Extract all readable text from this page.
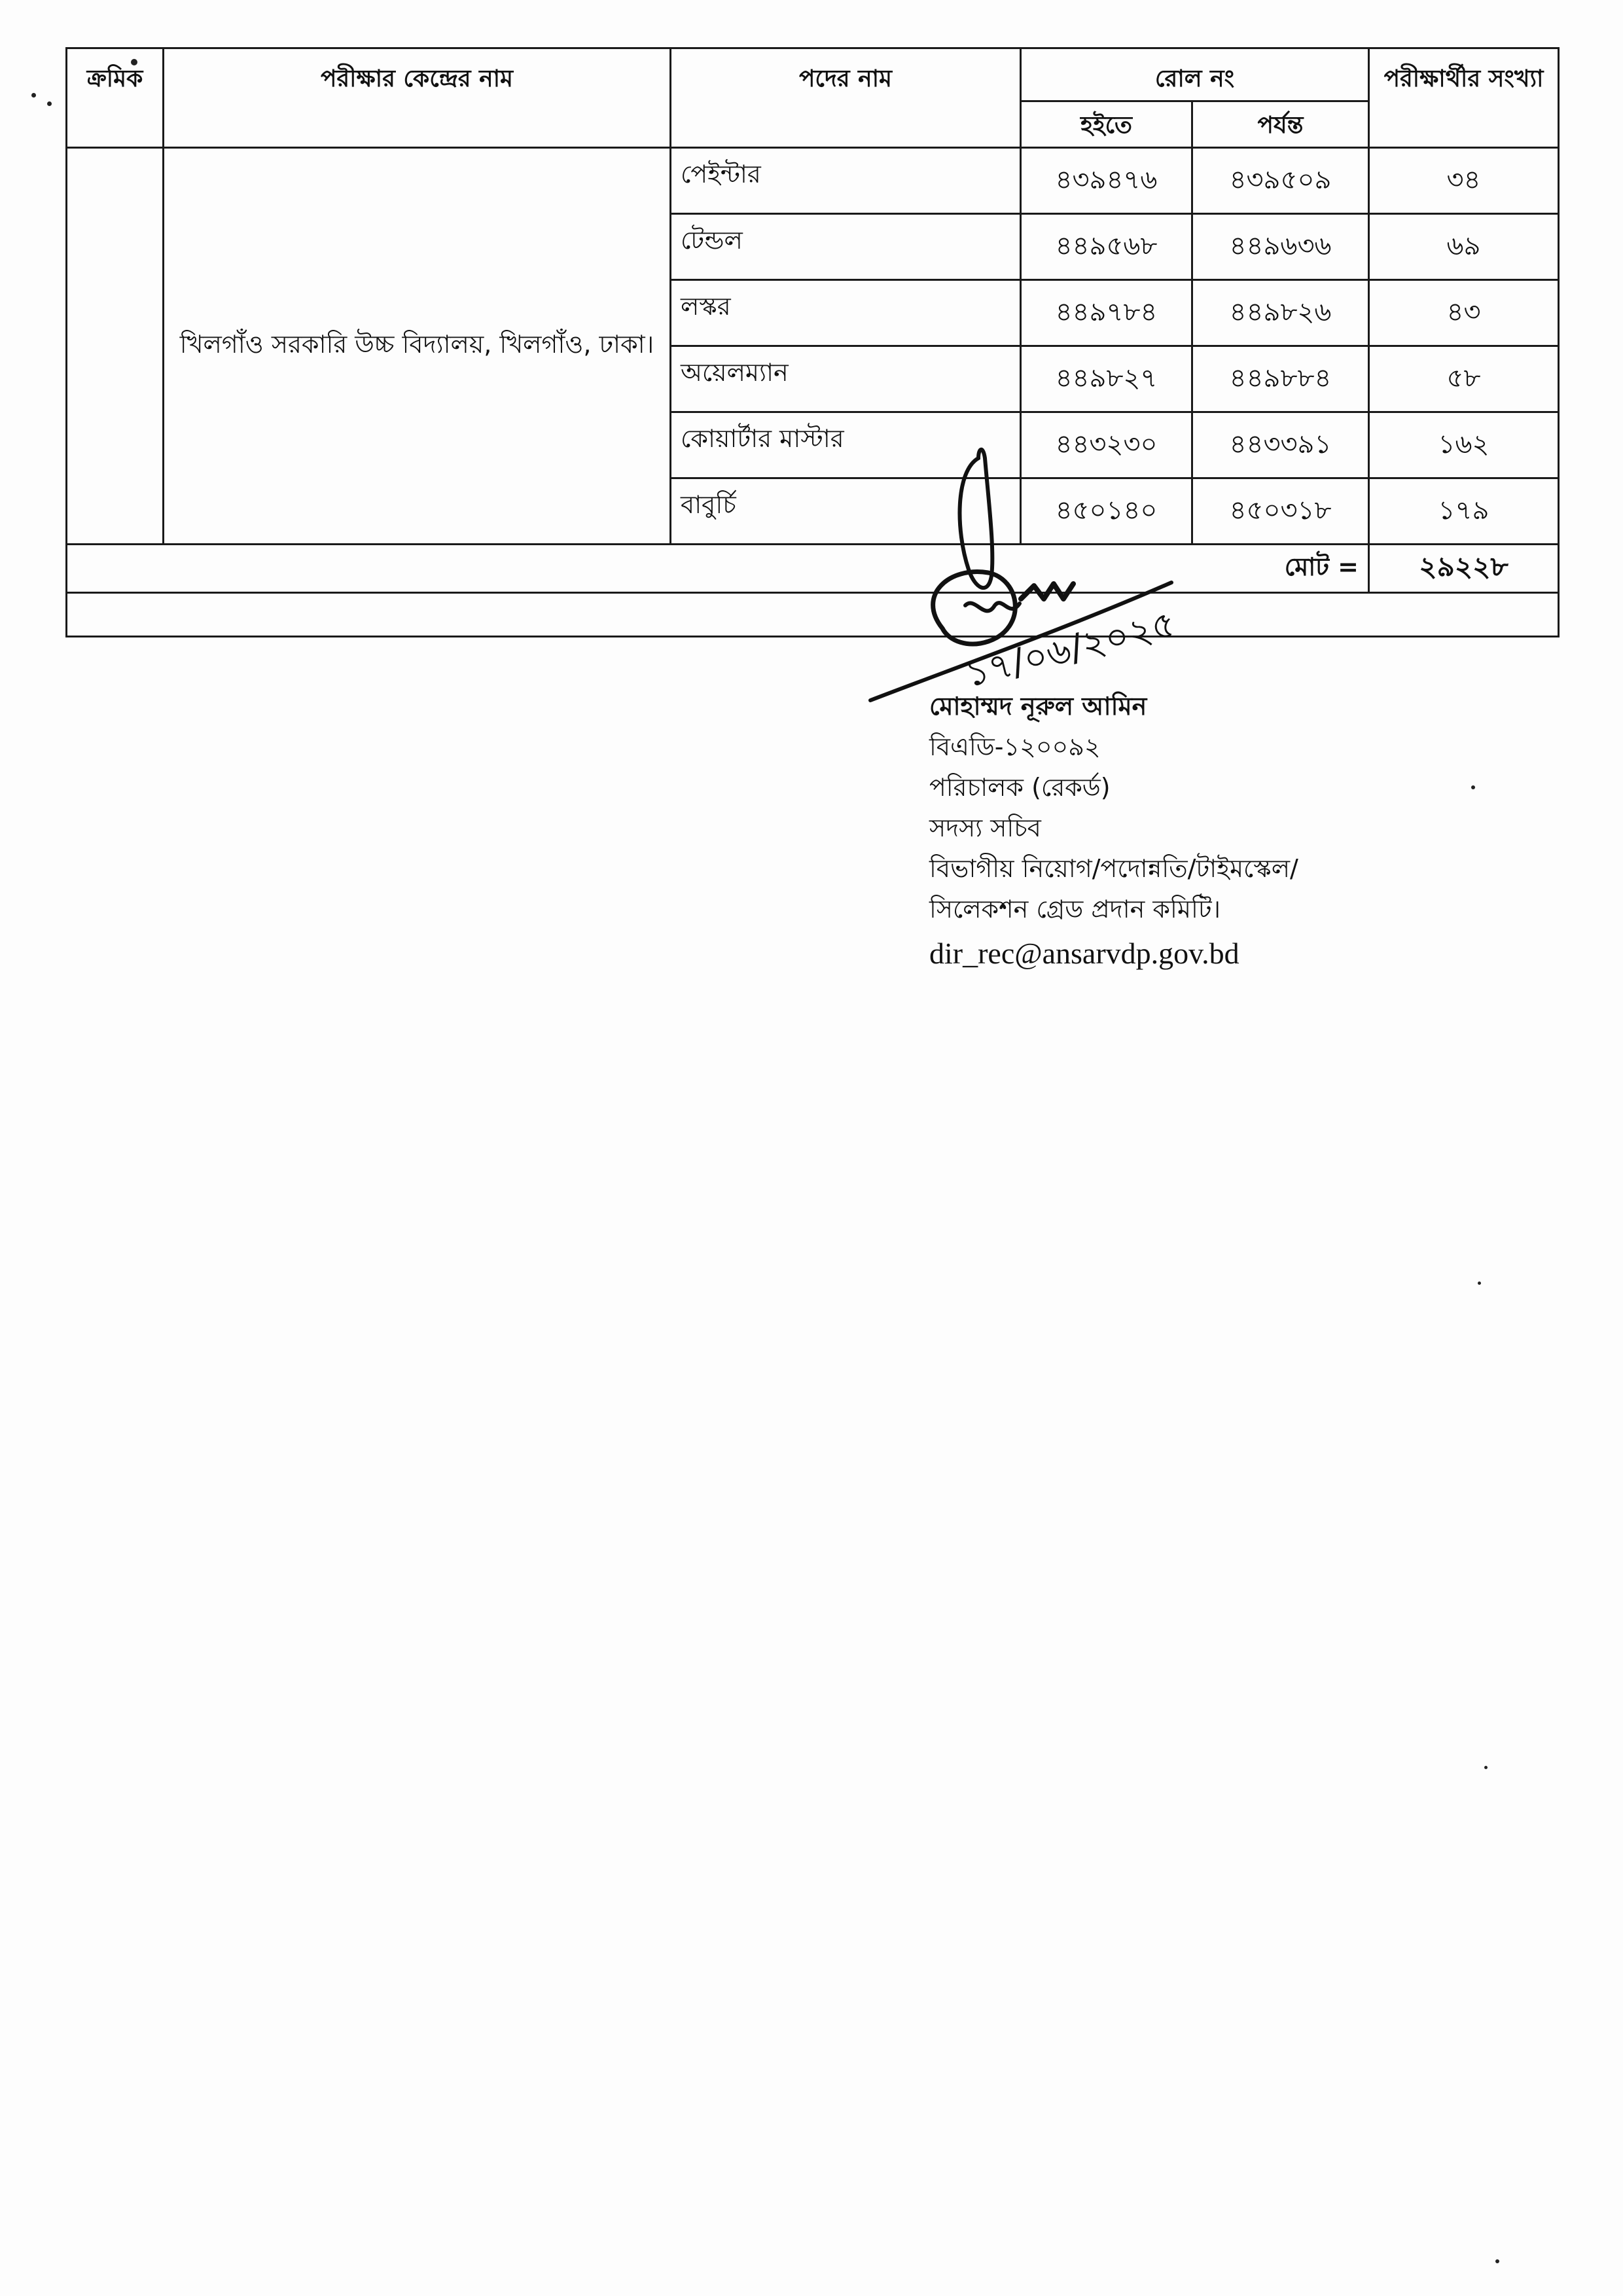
ক্রমিক	পরীক্ষার কেন্দ্রের নাম	পদের নাম	রোল নং		পরীক্ষার্থীর সংখ্যা
			হইতে	পর্যন্ত	
	খিলগাঁও সরকারি উচ্চ বিদ্যালয়, খিলগাঁও, ঢাকা।	পেইন্টার	৪৩৯৪৭৬	৪৩৯৫০৯	৩৪
		টেন্ডল	৪৪৯৫৬৮	৪৪৯৬৩৬	৬৯
		লস্কর	৪৪৯৭৮৪	৪৪৯৮২৬	৪৩
		অয়েলম্যান	৪৪৯৮২৭	৪৪৯৮৮৪	৫৮
		কোয়ার্টার মাস্টার	৪৪৩২৩০	৪৪৩৩৯১	১৬২
		বাবুর্চি	৪৫০১৪০	৪৫০৩১৮	১৭৯
			মোট =		২৯২২৮

১৭/০৬/২০২৫
মোহাম্মদ নূরুল আমিন
বিএডি-১২০০৯২
পরিচালক (রেকর্ড)
সদস্য সচিব
বিভাগীয় নিয়োগ/পদোন্নতি/টাইমস্কেল/
সিলেকশন গ্রেড প্রদান কমিটি।
dir_rec@ansarvdp.gov.bd
